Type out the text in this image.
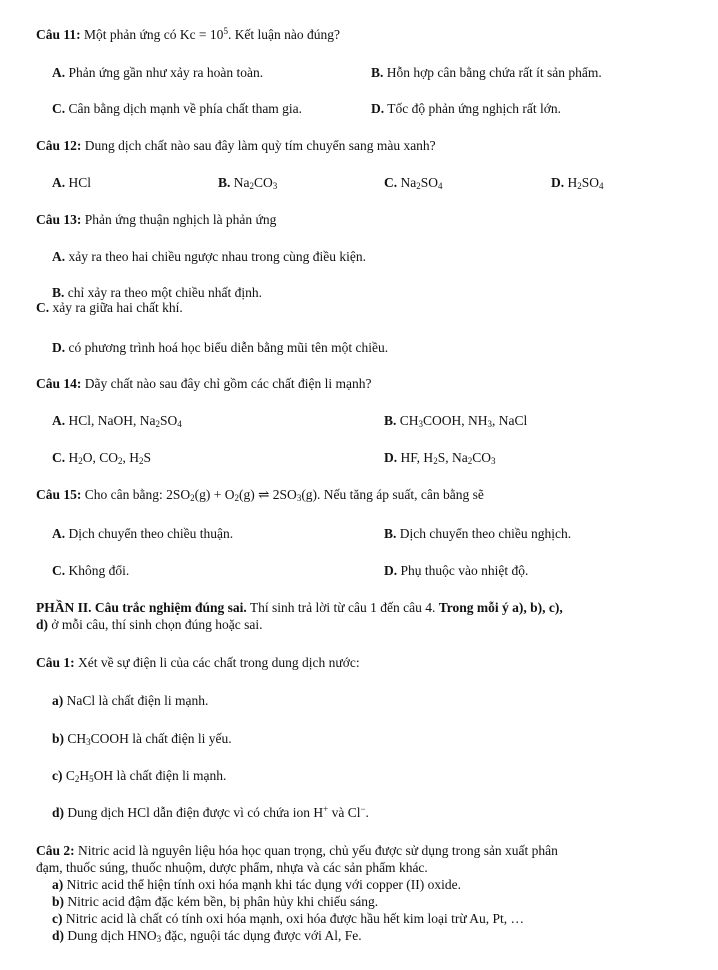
Câu 11: Một phản ứng có $Kc = 10^5$. Kết luận nào đúng?
A. Phản ứng gần như xảy ra hoàn toàn.	B. Hỗn hợp cân bằng chứa rất ít sản phẩm.
C. Cân bằng dịch mạnh về phía chất tham gia.	D. Tốc độ phản ứng nghịch rất lớn.
Câu 12: Dung dịch chất nào sau đây làm quỳ tím chuyển sang màu xanh?
A. HCl	B. $Na_2CO_3$	C. $Na_2SO_4$	D. $H_2SO_4$
Câu 13: Phản ứng thuận nghịch là phản ứng
A. xảy ra theo hai chiều ngược nhau trong cùng điều kiện.
B. chỉ xảy ra theo một chiều nhất định.
C. xảy ra giữa hai chất khí.
D. có phương trình hoá học biểu diễn bằng mũi tên một chiều.
Câu 14: Dãy chất nào sau đây chỉ gồm các chất điện li mạnh?
A. HCl, NaOH, $Na_2SO_4$	B. $CH_3COOH$, $NH_3$, NaCl
C. $H_2O$, $CO_2$, $H_2S$	D. HF, $H_2S$, $Na_2CO_3$
Câu 15: Cho cân bằng: $2SO_2(g) + O_2(g)$ ⇌ $2SO_3(g)$. Nếu tăng áp suất, cân bằng sẽ
A. Dịch chuyển theo chiều thuận.	B. Dịch chuyển theo chiều nghịch.
C. Không đổi.	D. Phụ thuộc vào nhiệt độ.
PHẦN II. Câu trắc nghiệm đúng sai. Thí sinh trả lời từ câu 1 đến câu 4. Trong mỗi ý a), b), c),
d) ở mỗi câu, thí sinh chọn đúng hoặc sai.
Câu 1: Xét về sự điện li của các chất trong dung dịch nước:
a) NaCl là chất điện li mạnh.
b) $CH_3COOH$ là chất điện li yếu.
c) $C_2H_5OH$ là chất điện li mạnh.
d) Dung dịch HCl dẫn điện được vì có chứa ion H+ và Cl−.
Câu 2: Nitric acid là nguyên liệu hóa học quan trọng, chủ yếu được sử dụng trong sản xuất phân
đạm, thuốc súng, thuốc nhuộm, dược phẩm, nhựa và các sản phẩm khác.
a) Nitric acid thể hiện tính oxi hóa mạnh khi tác dụng với copper (II) oxide.
b) Nitric acid đậm đặc kém bền, bị phân hủy khi chiếu sáng.
c) Nitric acid là chất có tính oxi hóa mạnh, oxi hóa được hầu hết kim loại trừ Au, Pt, …
d) Dung dịch $HNO_3$ đặc, nguội tác dụng được với Al, Fe.
